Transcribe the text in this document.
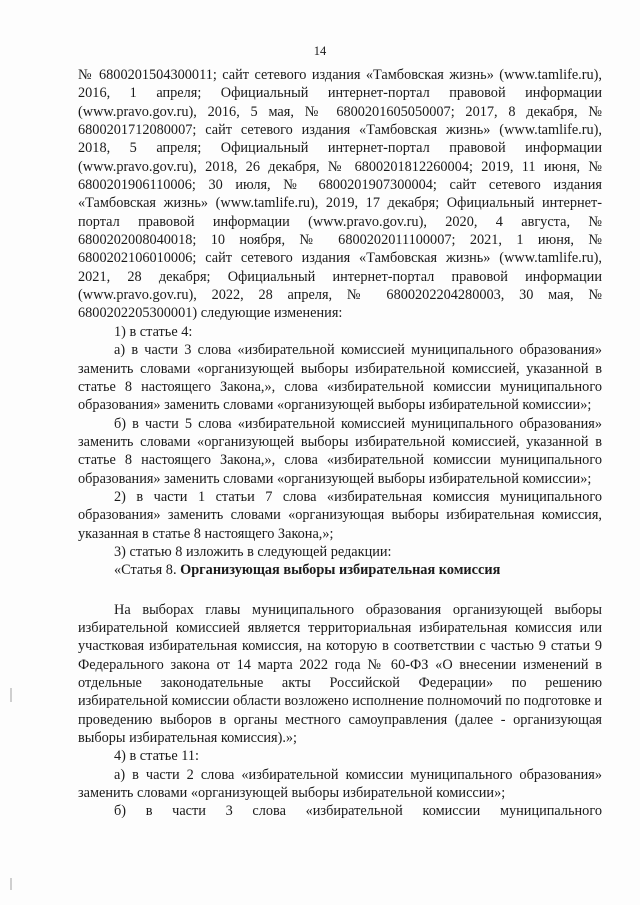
14

№ 6800201504300011; сайт сетевого издания «Тамбовская жизнь» (www.tamlife.ru), 2016, 1 апреля; Официальный интернет-портал правовой информации (www.pravo.gov.ru), 2016, 5 мая, № 6800201605050007; 2017, 8 декабря, № 6800201712080007; сайт сетевого издания «Тамбовская жизнь» (www.tamlife.ru), 2018, 5 апреля; Официальный интернет-портал правовой информации (www.pravo.gov.ru), 2018, 26 декабря, № 6800201812260004; 2019, 11 июня, № 6800201906110006; 30 июля, № 6800201907300004; сайт сетевого издания «Тамбовская жизнь» (www.tamlife.ru), 2019, 17 декабря; Официальный интернет-портал правовой информации (www.pravo.gov.ru), 2020, 4 августа, № 6800202008040018; 10 ноября, № 6800202011100007; 2021, 1 июня, № 6800202106010006; сайт сетевого издания «Тамбовская жизнь» (www.tamlife.ru), 2021, 28 декабря; Официальный интернет-портал правовой информации (www.pravo.gov.ru), 2022, 28 апреля, № 6800202204280003, 30 мая, № 6800202205300001) следующие изменения:

1) в статье 4:

а) в части 3 слова «избирательной комиссией муниципального образования» заменить словами «организующей выборы избирательной комиссией, указанной в статье 8 настоящего Закона,», слова «избирательной комиссии муниципального образования» заменить словами «организующей выборы избирательной комиссии»;

б) в части 5 слова «избирательной комиссией муниципального образования» заменить словами «организующей выборы избирательной комиссией, указанной в статье 8 настоящего Закона,», слова «избирательной комиссии муниципального образования» заменить словами «организующей выборы избирательной комиссии»;

2) в части 1 статьи 7 слова «избирательная комиссия муниципального образования» заменить словами «организующая выборы избирательная комиссия, указанная в статье 8 настоящего Закона,»;

3) статью 8 изложить в следующей редакции:

«Статья 8. Организующая выборы избирательная комиссия

На выборах главы муниципального образования организующей выборы избирательной комиссией является территориальная избирательная комиссия или участковая избирательная комиссия, на которую в соответствии с частью 9 статьи 9 Федерального закона от 14 марта 2022 года № 60-ФЗ «О внесении изменений в отдельные законодательные акты Российской Федерации» по решению избирательной комиссии области возложено исполнение полномочий по подготовке и проведению выборов в органы местного самоуправления (далее - организующая выборы избирательная комиссия).»;

4) в статье 11:

а) в части 2 слова «избирательной комиссии муниципального образования» заменить словами «организующей выборы избирательной комиссии»;

б) в части 3 слова «избирательной комиссии муниципального
